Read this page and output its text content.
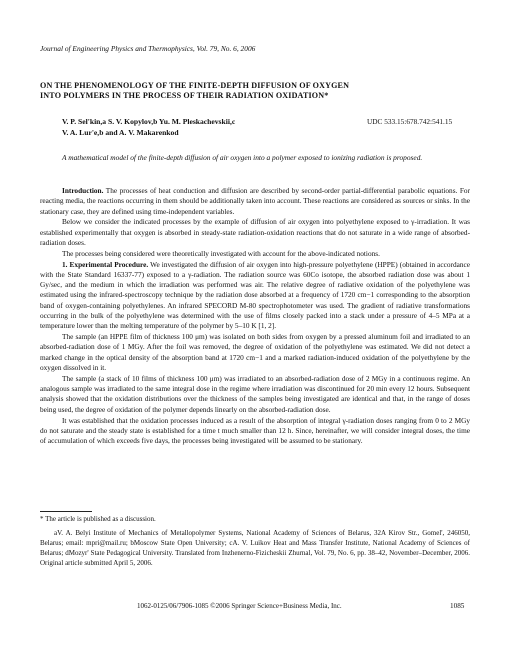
Journal of Engineering Physics and Thermophysics, Vol. 79, No. 6, 2006
ON THE PHENOMENOLOGY OF THE FINITE-DEPTH DIFFUSION OF OXYGEN INTO POLYMERS IN THE PROCESS OF THEIR RADIATION OXIDATION*
V. P. Sel'kin,a S. V. Kopylov,b Yu. M. Pleskachevskii,c
V. A. Lur'e,b and A. V. Makarenkod
UDC 533.15:678.742:541.15
A mathematical model of the finite-depth diffusion of air oxygen into a polymer exposed to ionizing radiation is proposed.

Introduction. The processes of heat conduction and diffusion are described by second-order partial-differential parabolic equations. For reacting media, the reactions occurring in them should be additionally taken into account. These reactions are considered as sources or sinks. In the stationary case, they are defined using time-independent variables.

Below we consider the indicated processes by the example of diffusion of air oxygen into polyethylene exposed to γ-irradiation. It was established experimentally that oxygen is absorbed in steady-state radiation-oxidation reactions that do not saturate in a wide range of absorbed-radiation doses.

The processes being considered were theoretically investigated with account for the above-indicated notions.

1. Experimental Procedure. We investigated the diffusion of air oxygen into high-pressure polyethylene (HPPE) (obtained in accordance with the State Standard 16337-77) exposed to a γ-radiation. The radiation source was 60Co isotope, the absorbed radiation dose was about 1 Gy/sec, and the medium in which the irradiation was performed was air. The relative degree of radiative oxidation of the polyethylene was estimated using the infrared-spectroscopy technique by the radiation dose absorbed at a frequency of 1720 cm−1 corresponding to the absorption band of oxygen-containing polyethylenes. An infrared SPECORD M-80 spectrophotometer was used. The gradient of radiative transformations occurring in the bulk of the polyethylene was determined with the use of films closely packed into a stack under a pressure of 4–5 MPa at a temperature lower than the melting temperature of the polymer by 5–10 K [1, 2].

The sample (an HPPE film of thickness 100 μm) was isolated on both sides from oxygen by a pressed aluminum foil and irradiated to an absorbed-radiation dose of 1 MGy. After the foil was removed, the degree of oxidation of the polyethylene was estimated. We did not detect a marked change in the optical density of the absorption band at 1720 cm−1 and a marked radiation-induced oxidation of the polyethylene by the oxygen dissolved in it.

The sample (a stack of 10 films of thickness 100 μm) was irradiated to an absorbed-radiation dose of 2 MGy in a continuous regime. An analogous sample was irradiated to the same integral dose in the regime where irradiation was discontinued for 20 min every 12 hours. Subsequent analysis showed that the oxidation distributions over the thickness of the samples being investigated are identical and that, in the range of doses being used, the degree of oxidation of the polymer depends linearly on the absorbed-radiation dose.

It was established that the oxidation processes induced as a result of the absorption of integral γ-radiation doses ranging from 0 to 2 MGy do not saturate and the steady state is established for a time t much smaller than 12 h. Since, hereinafter, we will consider integral doses, the time of accumulation of which exceeds five days, the processes being investigated will be assumed to be stationary.

* The article is published as a discussion.

aV. A. Belyi Institute of Mechanics of Metallopolymer Systems, National Academy of Sciences of Belarus, 32A Kirov Str., Gomel', 246050, Belarus; email: mpri@mail.ru; bMoscow State Open University; cA. V. Luikov Heat and Mass Transfer Institute, National Academy of Sciences of Belarus; dMozyr' State Pedagogical University. Translated from Inzhenerno-Fizicheskii Zhurnal, Vol. 79, No. 6, pp. 38–42, November–December, 2006. Original article submitted April 5, 2006.

1062-0125/06/7906-1085 ©2006 Springer Science+Business Media, Inc.	1085
